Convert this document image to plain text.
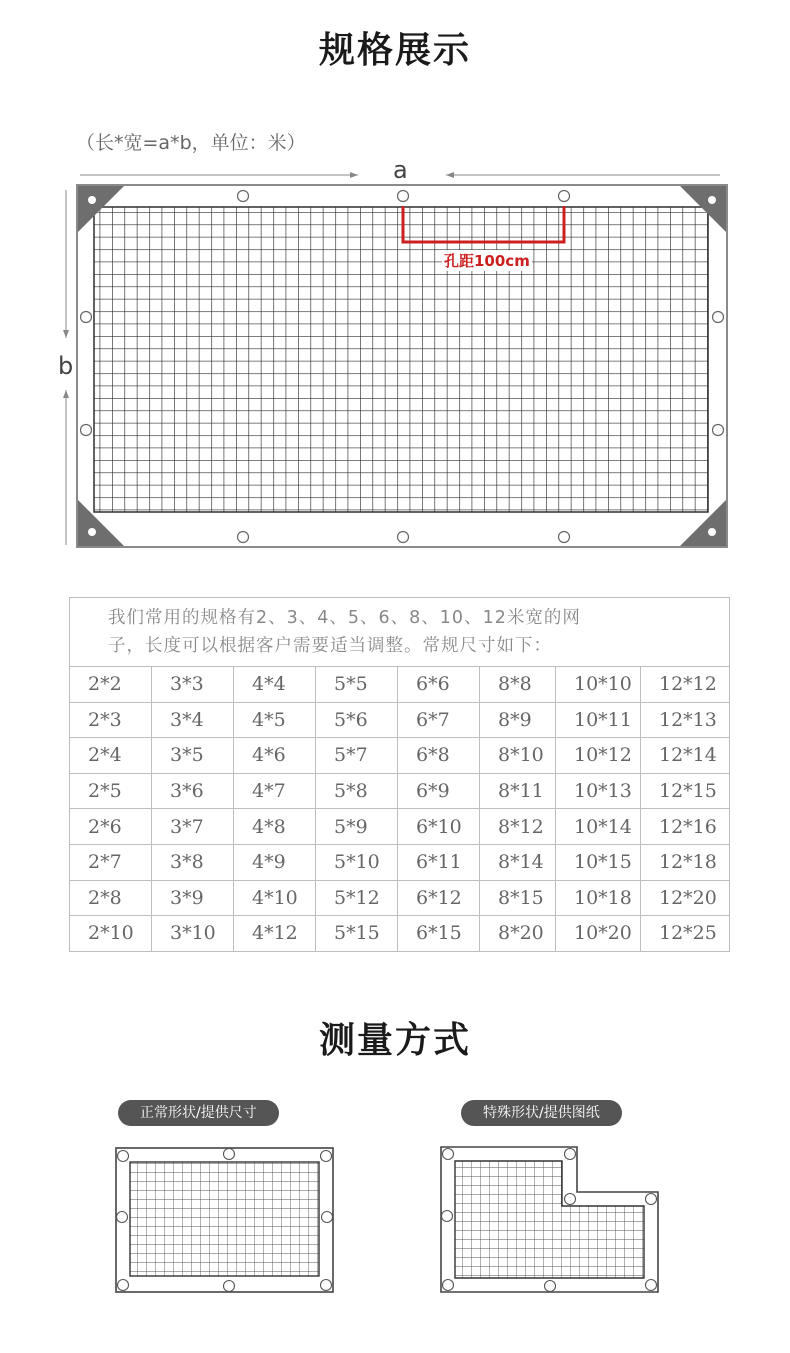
规格展示
（长*宽=a*b，单位：米）
a
b
孔距100cm
我们常用的规格有2、3、4、5、6、8、10、12米宽的网
子，长度可以根据客户需要适当调整。常规尺寸如下：							

2*2	3*3	4*4	5*5	6*6	8*8	10*10	12*12
2*3	3*4	4*5	5*6	6*7	8*9	10*11	12*13
2*4	3*5	4*6	5*7	6*8	8*10	10*12	12*14
2*5	3*6	4*7	5*8	6*9	8*11	10*13	12*15
2*6	3*7	4*8	5*9	6*10	8*12	10*14	12*16
2*7	3*8	4*9	5*10	6*11	8*14	10*15	12*18
2*8	3*9	4*10	5*12	6*12	8*15	10*18	12*20
2*10	3*10	4*12	5*15	6*15	8*20	10*20	12*25
测量方式
正常形状/提供尺寸	特殊形状/提供图纸
